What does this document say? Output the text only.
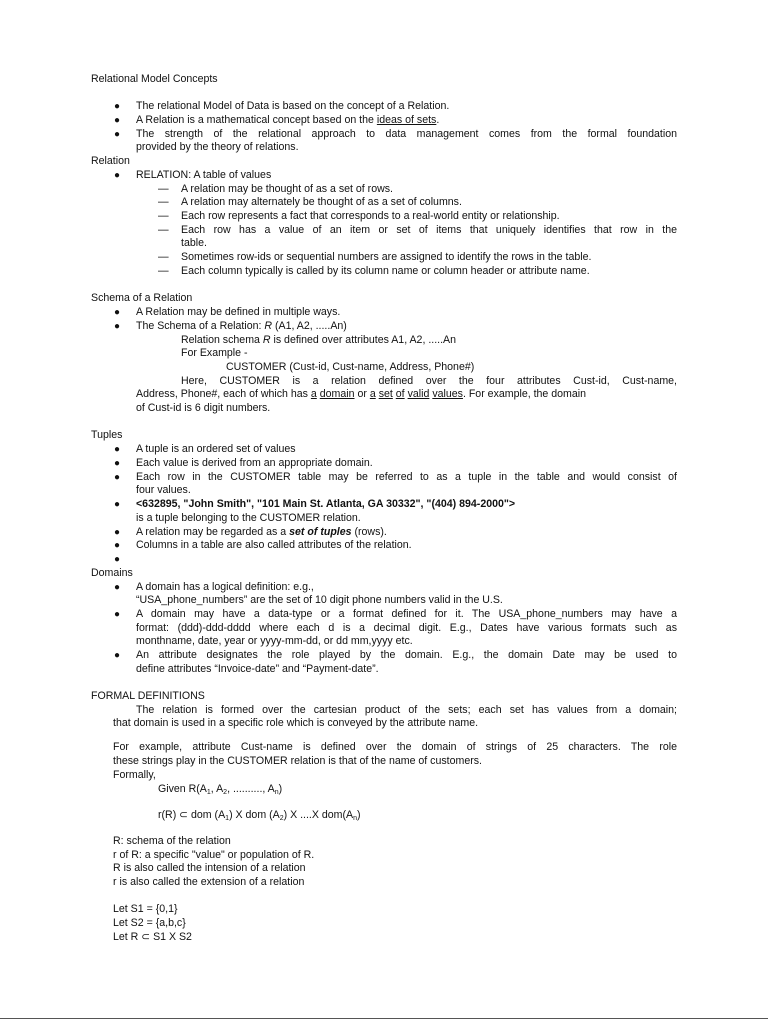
Relational Model Concepts
● The relational Model of Data is based on the concept of a Relation.
● A Relation is a mathematical concept based on the ideas of sets.
● The strength of the relational approach to data management comes from the formal foundation
provided by the theory of relations.
Relation
● RELATION: A table of values
— A relation may be thought of as a set of rows.
— A relation may alternately be thought of as a set of columns.
— Each row represents a fact that corresponds to a real-world entity or relationship.
— Each row has a value of an item or set of items that uniquely identifies that row in the
table.
— Sometimes row-ids or sequential numbers are assigned to identify the rows in the table.
— Each column typically is called by its column name or column header or attribute name.
Schema of a Relation
● A Relation may be defined in multiple ways.
● The Schema of a Relation: R (A1, A2, .....An)
Relation schema R is defined over attributes A1, A2, .....An
For Example -
CUSTOMER (Cust-id, Cust-name, Address, Phone#)
Here, CUSTOMER is a relation defined over the four attributes Cust-id, Cust-name,
Address, Phone#, each of which has a domain or a set of valid values. For example, the domain
of Cust-id is 6 digit numbers.
Tuples
● A tuple is an ordered set of values
● Each value is derived from an appropriate domain.
● Each row in the CUSTOMER table may be referred to as a tuple in the table and would consist of
four values.
● <632895, "John Smith", "101 Main St. Atlanta, GA 30332", "(404) 894-2000">
is a tuple belonging to the CUSTOMER relation.
● A relation may be regarded as a set of tuples (rows).
● Columns in a table are also called attributes of the relation.
●
Domains
● A domain has a logical definition: e.g.,
“USA_phone_numbers” are the set of 10 digit phone numbers valid in the U.S.
● A domain may have a data-type or a format defined for it. The USA_phone_numbers may have a
format: (ddd)-ddd-dddd where each d is a decimal digit. E.g., Dates have various formats such as
monthname, date, year or yyyy-mm-dd, or dd mm,yyyy etc.
● An attribute designates the role played by the domain. E.g., the domain Date may be used to
define attributes “Invoice-date” and “Payment-date”.
FORMAL DEFINITIONS
The relation is formed over the cartesian product of the sets; each set has values from a domain;
that domain is used in a specific role which is conveyed by the attribute name.
For example, attribute Cust-name is defined over the domain of strings of 25 characters. The role
these strings play in the CUSTOMER relation is that of the name of customers.
Formally,
Given $R(A_1$, $A_2$, .........., $A_n$)
r(R) ⊂ dom $(A_1)$ X dom $(A_2)$ X ....X $dom(A_n)$
R: schema of the relation
r of R: a specific "value" or population of R.
R is also called the intension of a relation
r is also called the extension of a relation
Let S1 = {0,1}
Let S2 = {a,b,c}
Let R ⊂ S1 X S2
